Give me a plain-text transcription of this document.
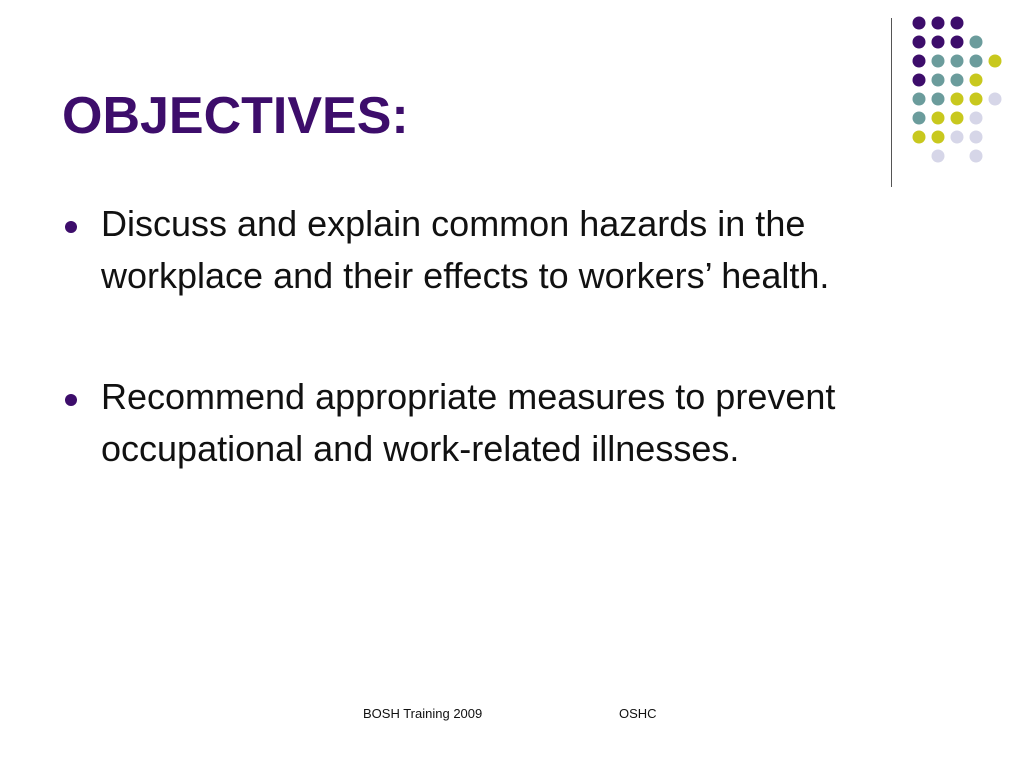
OBJECTIVES:
Discuss and explain common hazards in the workplace and their effects to workers’ health.
Recommend appropriate measures to prevent occupational and work-related illnesses.
BOSH Training 2009	OSHC
